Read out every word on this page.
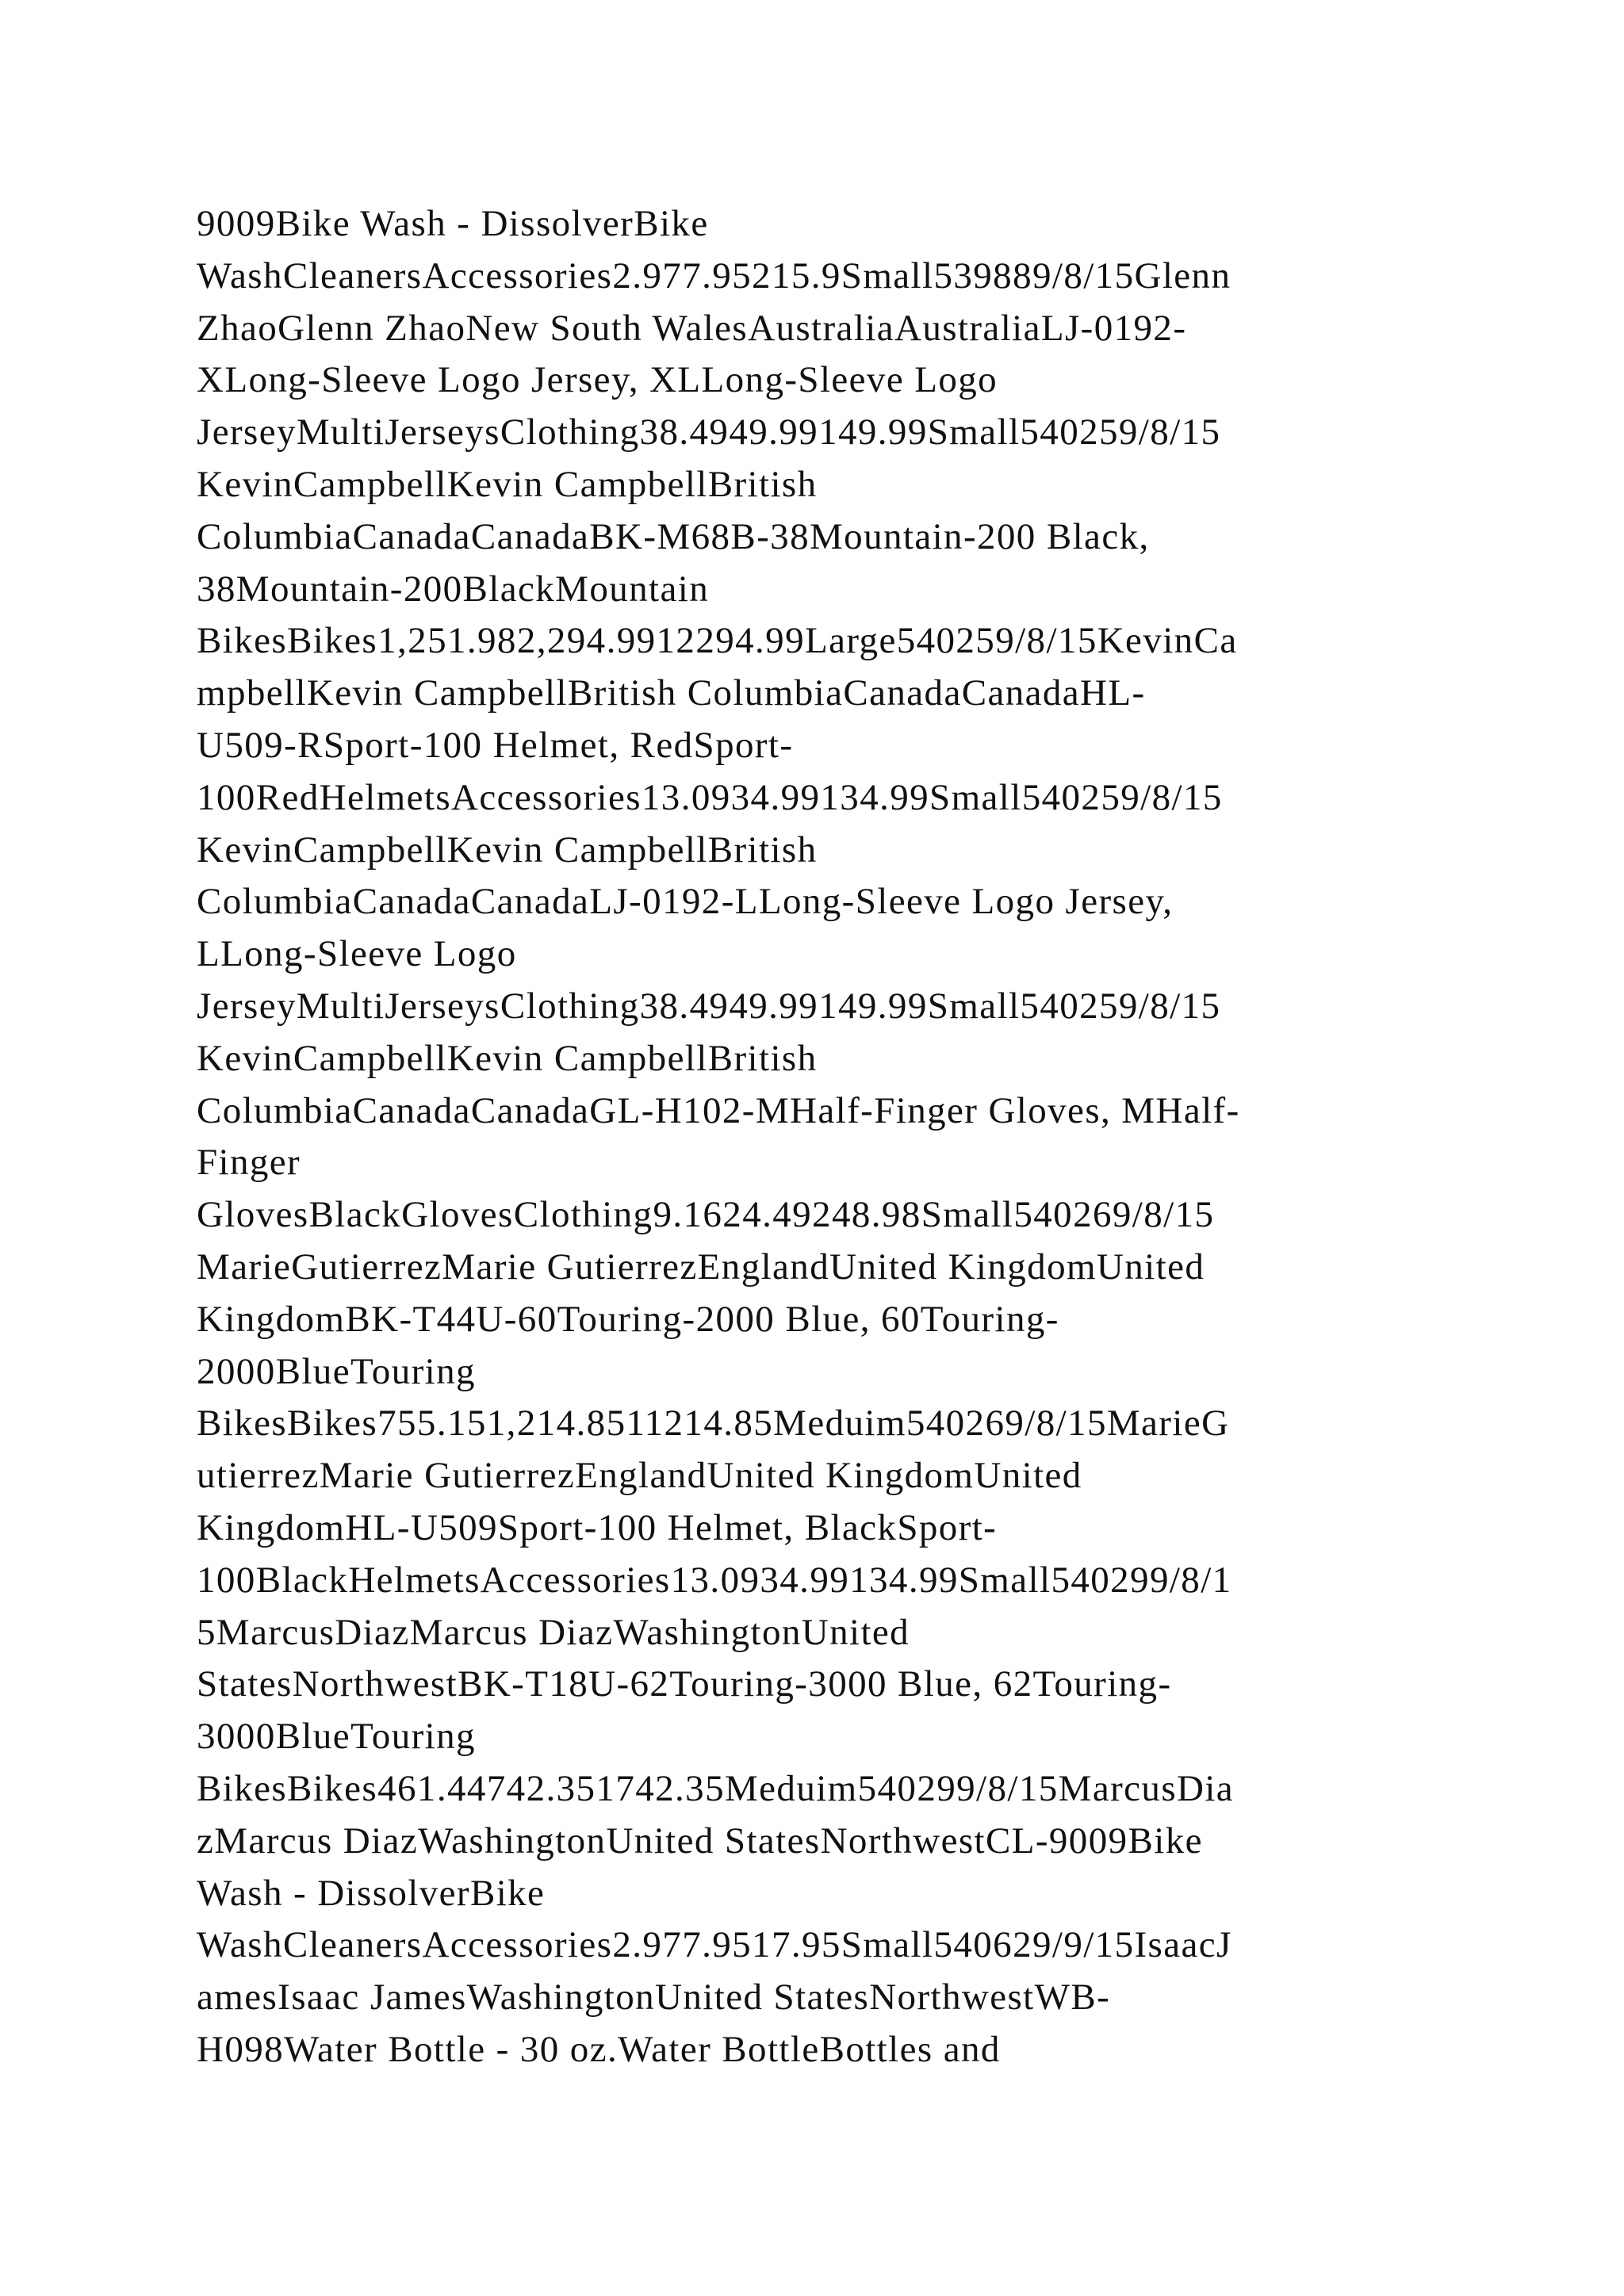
9009Bike Wash - DissolverBike
WashCleanersAccessories2.977.95215.9Small539889/8/15Glenn
ZhaoGlenn ZhaoNew South WalesAustraliaAustraliaLJ-0192-
XLong-Sleeve Logo Jersey, XLLong-Sleeve Logo
JerseyMultiJerseysClothing38.4949.99149.99Small540259/8/15
KevinCampbellKevin CampbellBritish
ColumbiaCanadaCanadaBK-M68B-38Mountain-200 Black,
38Mountain-200BlackMountain
BikesBikes1,251.982,294.9912294.99Large540259/8/15KevinCa
mpbellKevin CampbellBritish ColumbiaCanadaCanadaHL-
U509-RSport-100 Helmet, RedSport-
100RedHelmetsAccessories13.0934.99134.99Small540259/8/15
KevinCampbellKevin CampbellBritish
ColumbiaCanadaCanadaLJ-0192-LLong-Sleeve Logo Jersey,
LLong-Sleeve Logo
JerseyMultiJerseysClothing38.4949.99149.99Small540259/8/15
KevinCampbellKevin CampbellBritish
ColumbiaCanadaCanadaGL-H102-MHalf-Finger Gloves, MHalf-
Finger
GlovesBlackGlovesClothing9.1624.49248.98Small540269/8/15
MarieGutierrezMarie GutierrezEnglandUnited KingdomUnited
KingdomBK-T44U-60Touring-2000 Blue, 60Touring-
2000BlueTouring
BikesBikes755.151,214.8511214.85Meduim540269/8/15MarieG
utierrezMarie GutierrezEnglandUnited KingdomUnited
KingdomHL-U509Sport-100 Helmet, BlackSport-
100BlackHelmetsAccessories13.0934.99134.99Small540299/8/1
5MarcusDiazMarcus DiazWashingtonUnited
StatesNorthwestBK-T18U-62Touring-3000 Blue, 62Touring-
3000BlueTouring
BikesBikes461.44742.351742.35Meduim540299/8/15MarcusDia
zMarcus DiazWashingtonUnited StatesNorthwestCL-9009Bike
Wash - DissolverBike
WashCleanersAccessories2.977.9517.95Small540629/9/15IsaacJ
amesIsaac JamesWashingtonUnited StatesNorthwestWB-
H098Water Bottle - 30 oz.Water BottleBottles and
